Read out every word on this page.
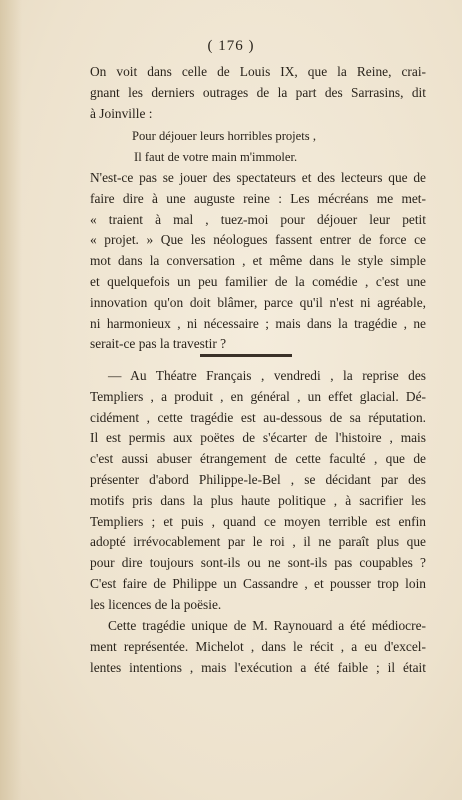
( 176 )
On voit dans celle de Louis IX, que la Reine, crai-
gnant les derniers outrages de la part des Sarrasins, dit
à Joinville :
Pour déjouer leurs horribles projets ,
Il faut de votre main m'immoler.
N'est-ce pas se jouer des spectateurs et des lecteurs que de
faire dire à une auguste reine : Les mécréans me met-
« traient à mal , tuez-moi pour déjouer leur petit
« projet. » Que les néologues fassent entrer de force ce
mot dans la conversation , et même dans le style simple
et quelquefois un peu familier de la comédie , c'est une
innovation qu'on doit blâmer, parce qu'il n'est ni agréable,
ni harmonieux , ni nécessaire ; mais dans la tragédie , ne
serait-ce pas la travestir ?
— Au Théatre Français , vendredi , la reprise des
Templiers , a produit , en général , un effet glacial. Dé-
cidément , cette tragédie est au-dessous de sa réputation.
Il est permis aux poëtes de s'écarter de l'histoire , mais
c'est aussi abuser étrangement de cette faculté , que de
présenter d'abord Philippe-le-Bel , se décidant par des
motifs pris dans la plus haute politique , à sacrifier les
Templiers ; et puis , quand ce moyen terrible est enfin
adopté irrévocablement par le roi , il ne paraît plus que
pour dire toujours sont-ils ou ne sont-ils pas coupables ?
C'est faire de Philippe un Cassandre , et pousser trop loin
les licences de la poësie.
Cette tragédie unique de M. Raynouard a été médiocre-
ment représentée. Michelot , dans le récit , a eu d'excel-
lentes intentions , mais l'exécution a été faible ; il était
